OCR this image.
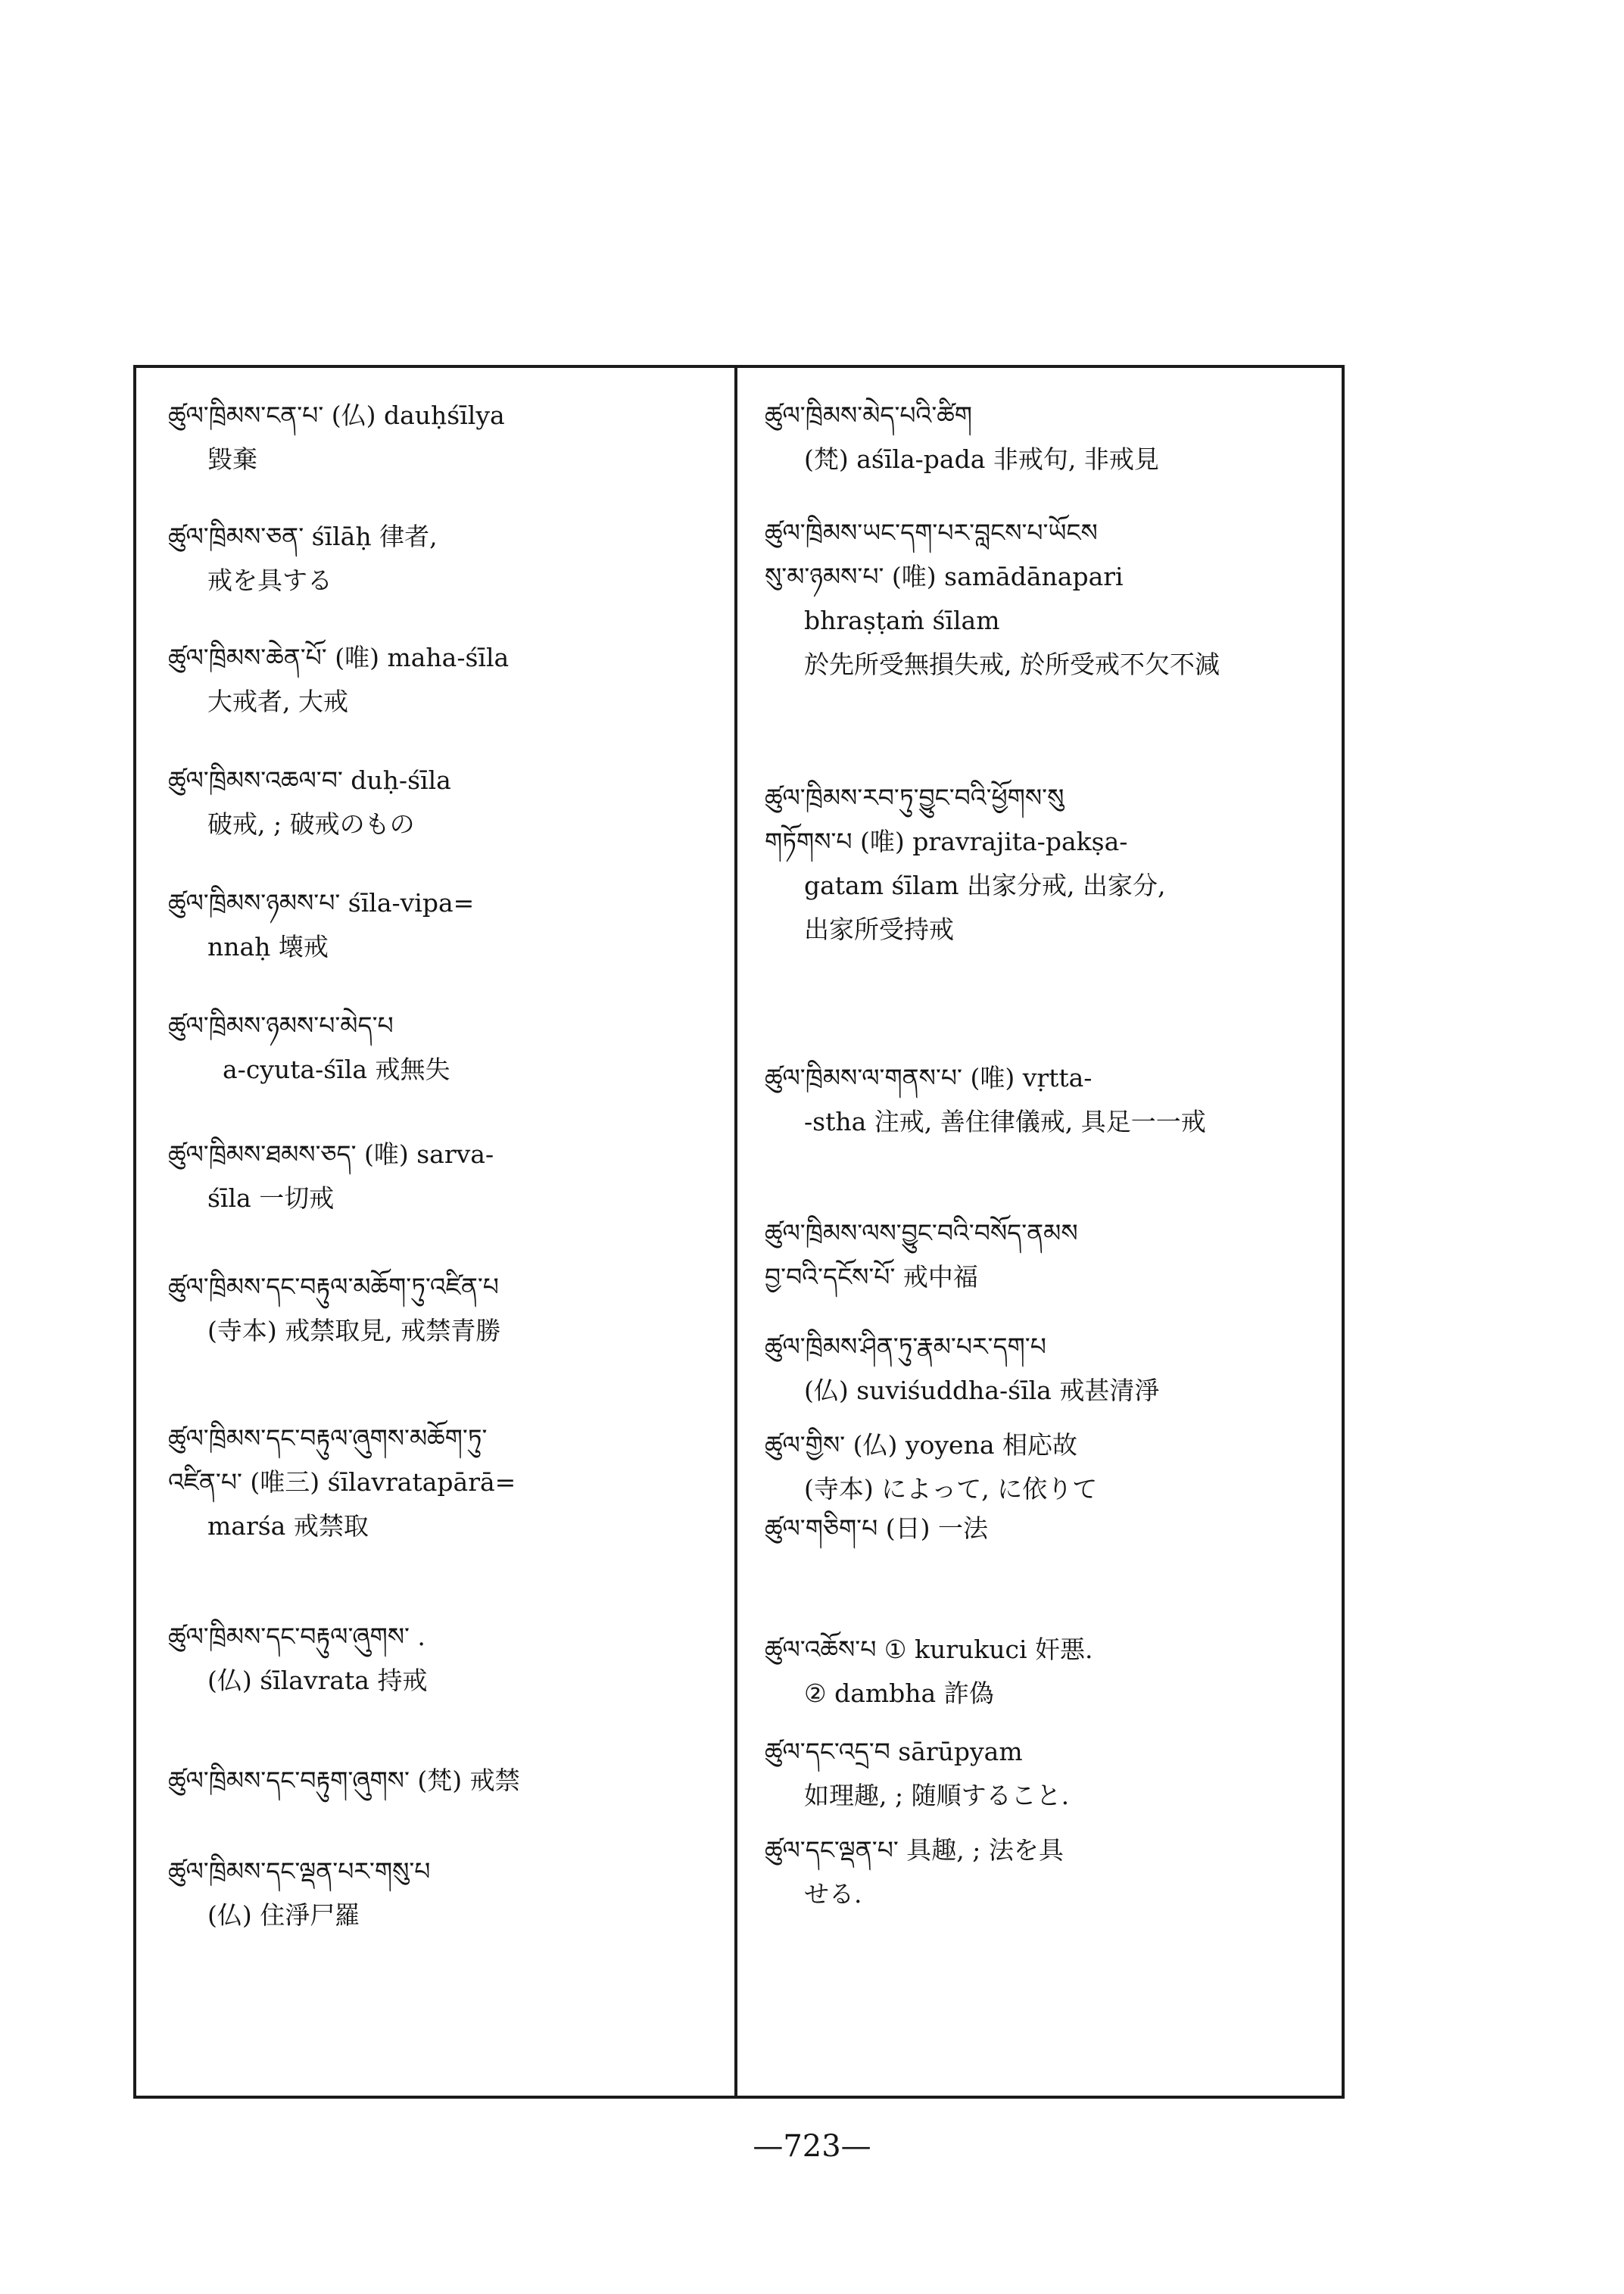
ཚུལ་ཁྲིམས་ངན་པ་ (仏) dauḥśīlya
毀棄
ཚུལ་ཁྲིམས་ཅན་ śīlāḥ 律者,
戒を具する
ཚུལ་ཁྲིམས་ཆེན་པོ་ (唯) maha-śīla
大戒者, 大戒
ཚུལ་ཁྲིམས་འཆལ་བ་ duḥ-śīla
破戒, ; 破戒のもの
ཚུལ་ཁྲིམས་ཉམས་པ་ śīla-vipa=
nnaḥ 壊戒
ཚུལ་ཁྲིམས་ཉམས་པ་མེད་པ
a-cyuta-śīla 戒無失
ཚུལ་ཁྲིམས་ཐམས་ཅད་ (唯) sarva-
śīla 一切戒
ཚུལ་ཁྲིམས་དང་བརྟུལ་མཆོག་ཏུ་འཛིན་པ
(寺本) 戒禁取見, 戒禁青勝
ཚུལ་ཁྲིམས་དང་བརྟུལ་ཞུགས་མཆོག་ཏུ་
འཛིན་པ་ (唯三) śīlavratapārā=
marśa 戒禁取
ཚུལ་ཁྲིམས་དང་བརྟུལ་ཞུགས་ .
(仏) śīlavrata 持戒
ཚུལ་ཁྲིམས་དང་བརྟུག་ཞུགས་ (梵) 戒禁
ཚུལ་ཁྲིམས་དང་ལྡན་པར་གསུ་པ
(仏) 住淨尸羅
ཚུལ་ཁྲིམས་མེད་པའི་ཚིག
(梵) aśīla-pada 非戒句, 非戒見
ཚུལ་ཁྲིམས་ཡང་དག་པར་བླངས་པ་ཡོངས
སུ་མ་ཉམས་པ་ (唯) samādānapari
bhraṣṭaṁ śīlam
於先所受無損失戒, 於所受戒不欠不減
ཚུལ་ཁྲིམས་རབ་ཏུ་བྱུང་བའི་ཕྱོགས་སུ
གཏོགས་པ (唯) pravrajita-pakṣa-
gatam śīlam 出家分戒, 出家分,
出家所受持戒
ཚུལ་ཁྲིམས་ལ་གནས་པ་ (唯) vṛtta-
-stha 注戒, 善住律儀戒, 具足一一戒
ཚུལ་ཁྲིམས་ལས་བྱུང་བའི་བསོད་ནམས
བྱ་བའི་དངོས་པོ་ 戒中福
ཚུལ་ཁྲིམས་ཤིན་ཏུ་རྣམ་པར་དག་པ
(仏) suviśuddha-śīla 戒甚清淨
ཚུལ་གྱིས་ (仏) yoyena 相応故
(寺本) によって, に依りて
ཚུལ་གཅིག་པ (日) 一法
ཚུལ་འཆོས་པ ① kurukuci 奸悪.
② dambha 詐偽
ཚུལ་དང་འདྲ་བ sārūpyam
如理趣, ; 随順すること.
ཚུལ་དང་ལྡན་པ་ 具趣, ; 法を具
せる.
—723—
